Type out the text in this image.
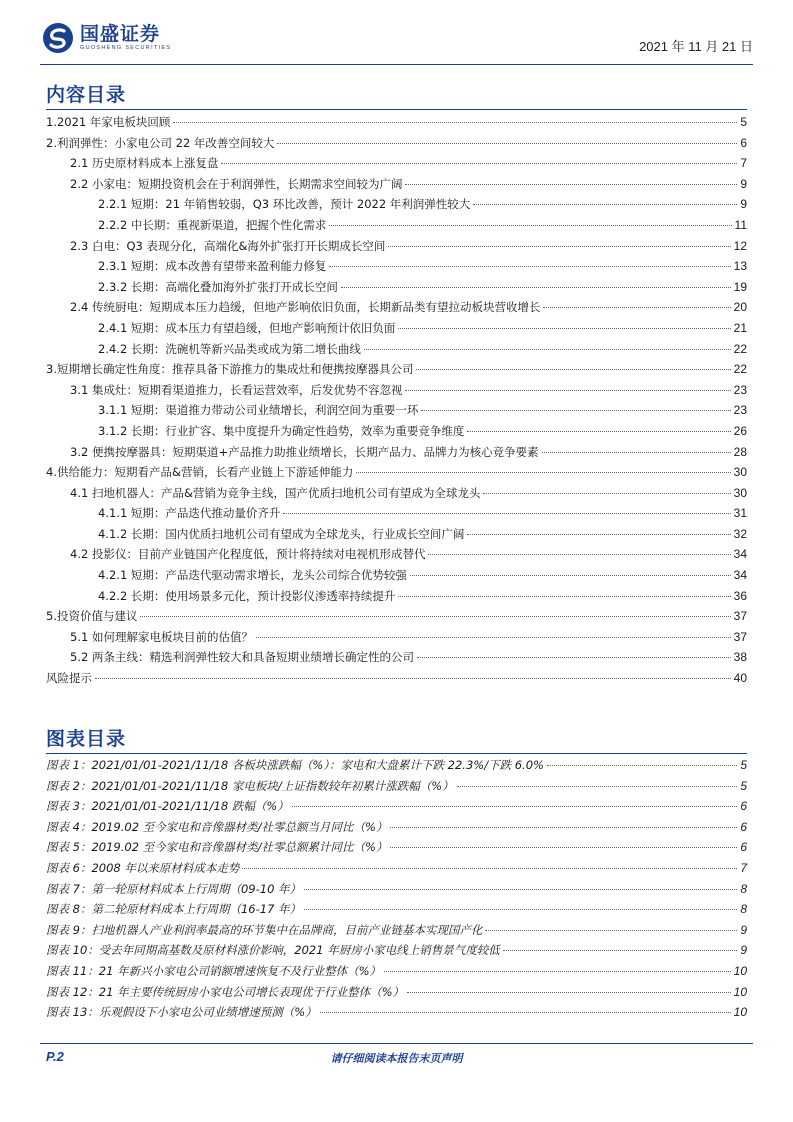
国盛证券
GUOSHENG SECURITIES	2021 年 11 月 21 日
内容目录
1.2021 年家电板块回顾	5
2.利润弹性：小家电公司 22 年改善空间较大	6
2.1 历史原材料成本上涨复盘	7
2.2 小家电：短期投资机会在于利润弹性，长期需求空间较为广阔	9
2.2.1 短期：21 年销售较弱，Q3 环比改善，预计 2022 年利润弹性较大	9
2.2.2 中长期：重视新渠道，把握个性化需求	11
2.3 白电：Q3 表现分化，高端化&海外扩张打开长期成长空间	12
2.3.1 短期：成本改善有望带来盈利能力修复	13
2.3.2 长期：高端化叠加海外扩张打开成长空间	19
2.4 传统厨电：短期成本压力趋缓，但地产影响依旧负面，长期新品类有望拉动板块营收增长	20
2.4.1 短期：成本压力有望趋缓，但地产影响预计依旧负面	21
2.4.2 长期：洗碗机等新兴品类或成为第二增长曲线	22
3.短期增长确定性角度：推荐具备下游推力的集成灶和便携按摩器具公司	22
3.1 集成灶：短期看渠道推力，长看运营效率，后发优势不容忽视	23
3.1.1 短期：渠道推力带动公司业绩增长，利润空间为重要一环	23
3.1.2 长期：行业扩容、集中度提升为确定性趋势，效率为重要竞争维度	26
3.2 便携按摩器具：短期渠道+产品推力助推业绩增长，长期产品力、品牌力为核心竞争要素	28
4.供给能力：短期看产品&营销，长看产业链上下游延伸能力	30
4.1 扫地机器人：产品&营销为竞争主线，国产优质扫地机公司有望成为全球龙头	30
4.1.1 短期：产品迭代推动量价齐升	31
4.1.2 长期：国内优质扫地机公司有望成为全球龙头，行业成长空间广阔	32
4.2 投影仪：目前产业链国产化程度低，预计将持续对电视机形成替代	34
4.2.1 短期：产品迭代驱动需求增长，龙头公司综合优势较强	34
4.2.2 长期：使用场景多元化，预计投影仪渗透率持续提升	36
5.投资价值与建议	37
5.1 如何理解家电板块目前的估值？	37
5.2 两条主线：精选利润弹性较大和具备短期业绩增长确定性的公司	38
风险提示	40
图表目录
图表 1：2021/01/01-2021/11/18 各板块涨跌幅（%）：家电和大盘累计下跌 22.3%/下跌 6.0%	5
图表 2：2021/01/01-2021/11/18 家电板块/上证指数较年初累计涨跌幅（%）	5
图表 3：2021/01/01-2021/11/18 跌幅（%）	6
图表 4：2019.02 至今家电和音像器材类/社零总额当月同比（%）	6
图表 5：2019.02 至今家电和音像器材类/社零总额累计同比（%）	6
图表 6：2008 年以来原材料成本走势	7
图表 7：第一轮原材料成本上行周期（09-10 年）	8
图表 8：第二轮原材料成本上行周期（16-17 年）	8
图表 9：扫地机器人产业利润率最高的环节集中在品牌商，目前产业链基本实现国产化	9
图表 10：受去年同期高基数及原材料涨价影响，2021 年厨房小家电线上销售景气度较低	9
图表 11：21 年新兴小家电公司销额增速恢复不及行业整体（%）	10
图表 12：21 年主要传统厨房小家电公司增长表现优于行业整体（%）	10
图表 13：乐观假设下小家电公司业绩增速预测（%）	10
P.2	请仔细阅读本报告末页声明
